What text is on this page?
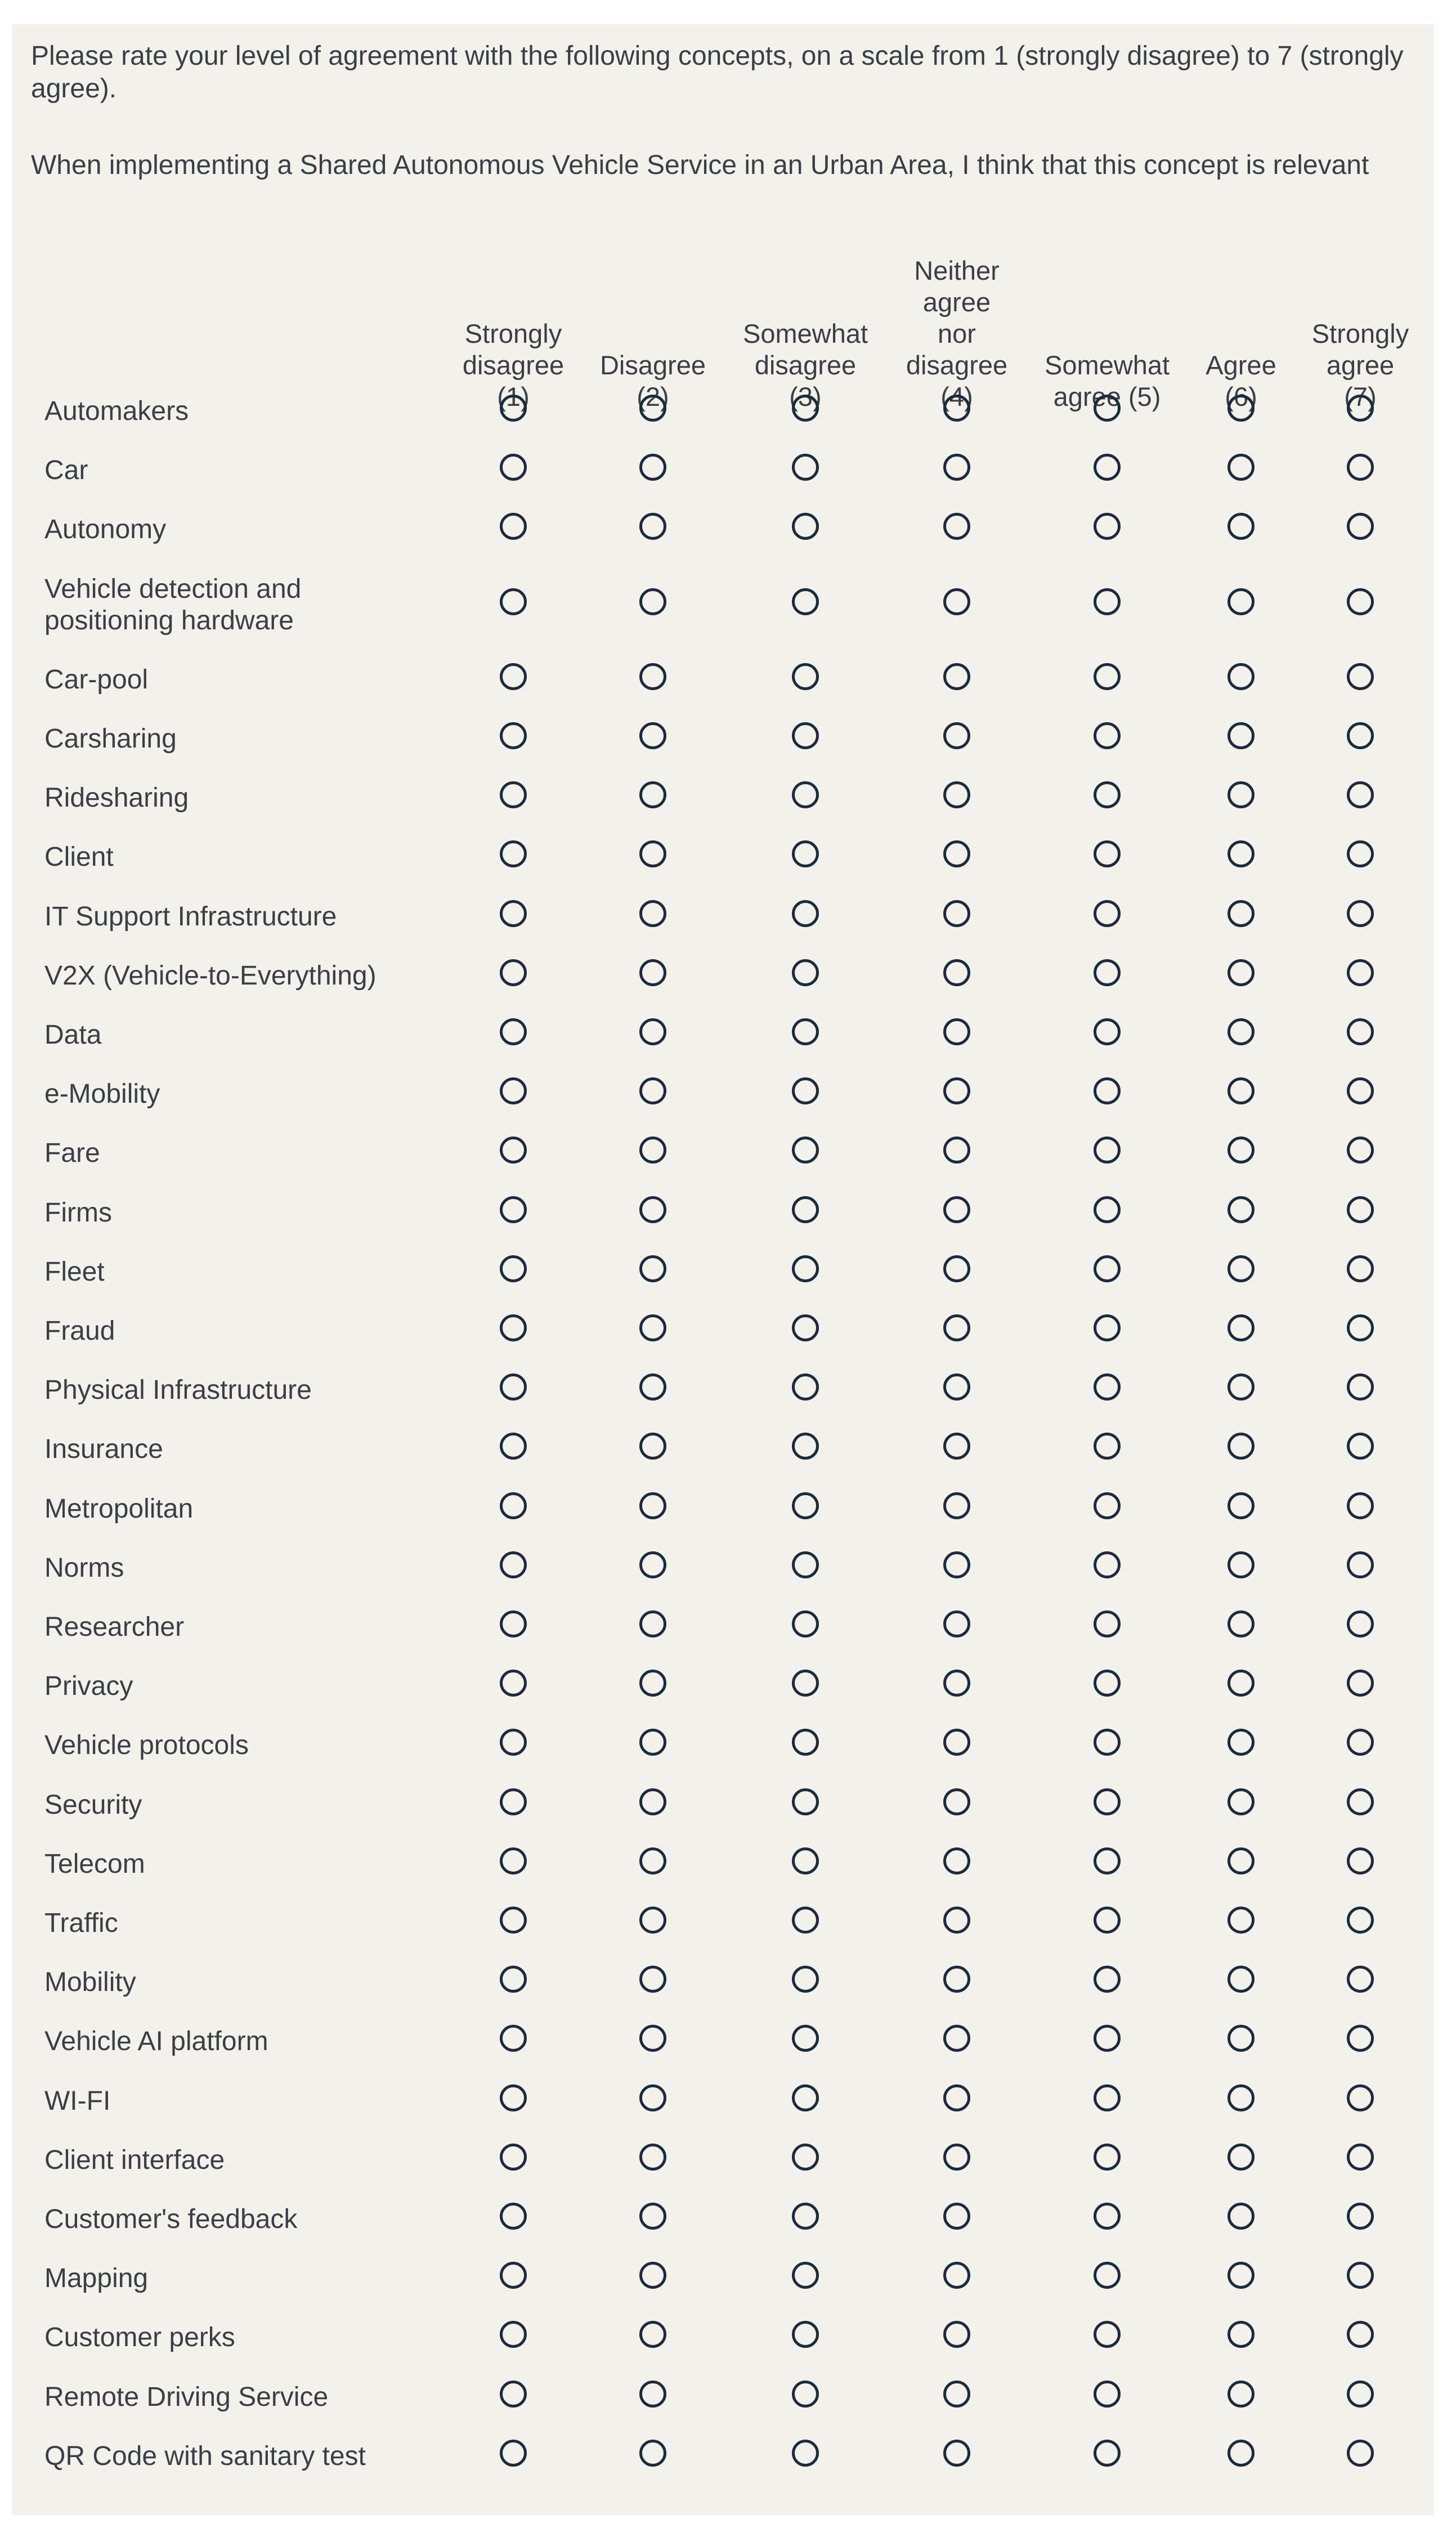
Please rate your level of agreement with the following concepts, on a scale from 1 (strongly disagree) to 7 (strongly agree).

When implementing a Shared Autonomous Vehicle Service in an Urban Area, I think that this concept is relevant

Strongly
disagree
(1)
Disagree
(2)
Somewhat
disagree
(3)
Neither
agree
nor
disagree
(4)
Somewhat
agree (5)
Agree
(6)
Strongly
agree
(7)
Automakers
Car
Autonomy
Vehicle detection and
positioning hardware
Car-pool
Carsharing
Ridesharing
Client
IT Support Infrastructure
V2X (Vehicle-to-Everything)
Data
e-Mobility
Fare
Firms
Fleet
Fraud
Physical Infrastructure
Insurance
Metropolitan
Norms
Researcher
Privacy
Vehicle protocols
Security
Telecom
Traffic
Mobility
Vehicle AI platform
WI-FI
Client interface
Customer's feedback
Mapping
Customer perks
Remote Driving Service
QR Code with sanitary test
